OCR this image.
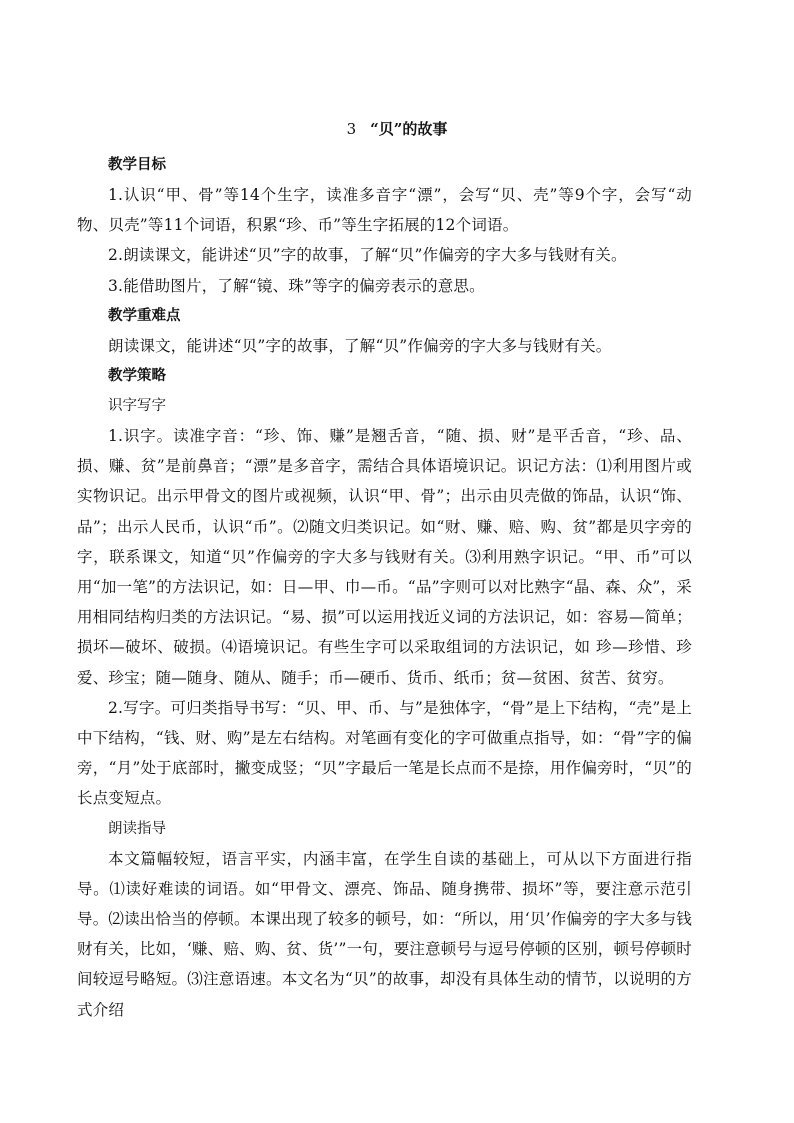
3 “贝”的故事

教学目标

1.认识“甲、骨”等14个生字，读准多音字“漂”，会写“贝、壳”等9个字，会写“动物、贝壳”等11个词语，积累“珍、币”等生字拓展的12个词语。

2.朗读课文，能讲述“贝”字的故事，了解“贝”作偏旁的字大多与钱财有关。

3.能借助图片，了解“镜、珠”等字的偏旁表示的意思。

教学重难点

朗读课文，能讲述“贝”字的故事，了解“贝”作偏旁的字大多与钱财有关。

教学策略

识字写字

1.识字。读准字音：“珍、饰、赚”是翘舌音，“随、损、财”是平舌音，“珍、品、损、赚、贫”是前鼻音；“漂”是多音字，需结合具体语境识记。识记方法：⑴利用图片或实物识记。出示甲骨文的图片或视频，认识“甲、骨”；出示由贝壳做的饰品，认识“饰、品”；出示人民币，认识“币”。⑵随文归类识记。如“财、赚、赔、购、贫”都是贝字旁的字，联系课文，知道“贝”作偏旁的字大多与钱财有关。⑶利用熟字识记。“甲、币”可以用“加一笔”的方法识记，如：日—甲、巾—币。“品”字则可以对比熟字“晶、森、众”，采用相同结构归类的方法识记。“易、损”可以运用找近义词的方法识记，如：容易—简单；损坏—破坏、破损。⑷语境识记。有些生字可以采取组词的方法识记，如 珍—珍惜、珍爱、珍宝；随—随身、随从、随手；币—硬币、货币、纸币；贫—贫困、贫苦、贫穷。

2.写字。可归类指导书写：“贝、甲、币、与”是独体字，“骨”是上下结构，“壳”是上中下结构，“钱、财、购”是左右结构。对笔画有变化的字可做重点指导，如：“骨”字的偏旁，“月”处于底部时，撇变成竖；“贝”字最后一笔是长点而不是捺，用作偏旁时，“贝”的长点变短点。

朗读指导

本文篇幅较短，语言平实，内涵丰富，在学生自读的基础上，可从以下方面进行指导。⑴读好难读的词语。如“甲骨文、漂亮、饰品、随身携带、损坏”等，要注意示范引导。⑵读出恰当的停顿。本课出现了较多的顿号，如：“所以，用‘贝’作偏旁的字大多与钱财有关，比如，‘赚、赔、购、贫、货’”一句，要注意顿号与逗号停顿的区别，顿号停顿时间较逗号略短。⑶注意语速。本文名为“贝”的故事，却没有具体生动的情节，以说明的方式介绍
